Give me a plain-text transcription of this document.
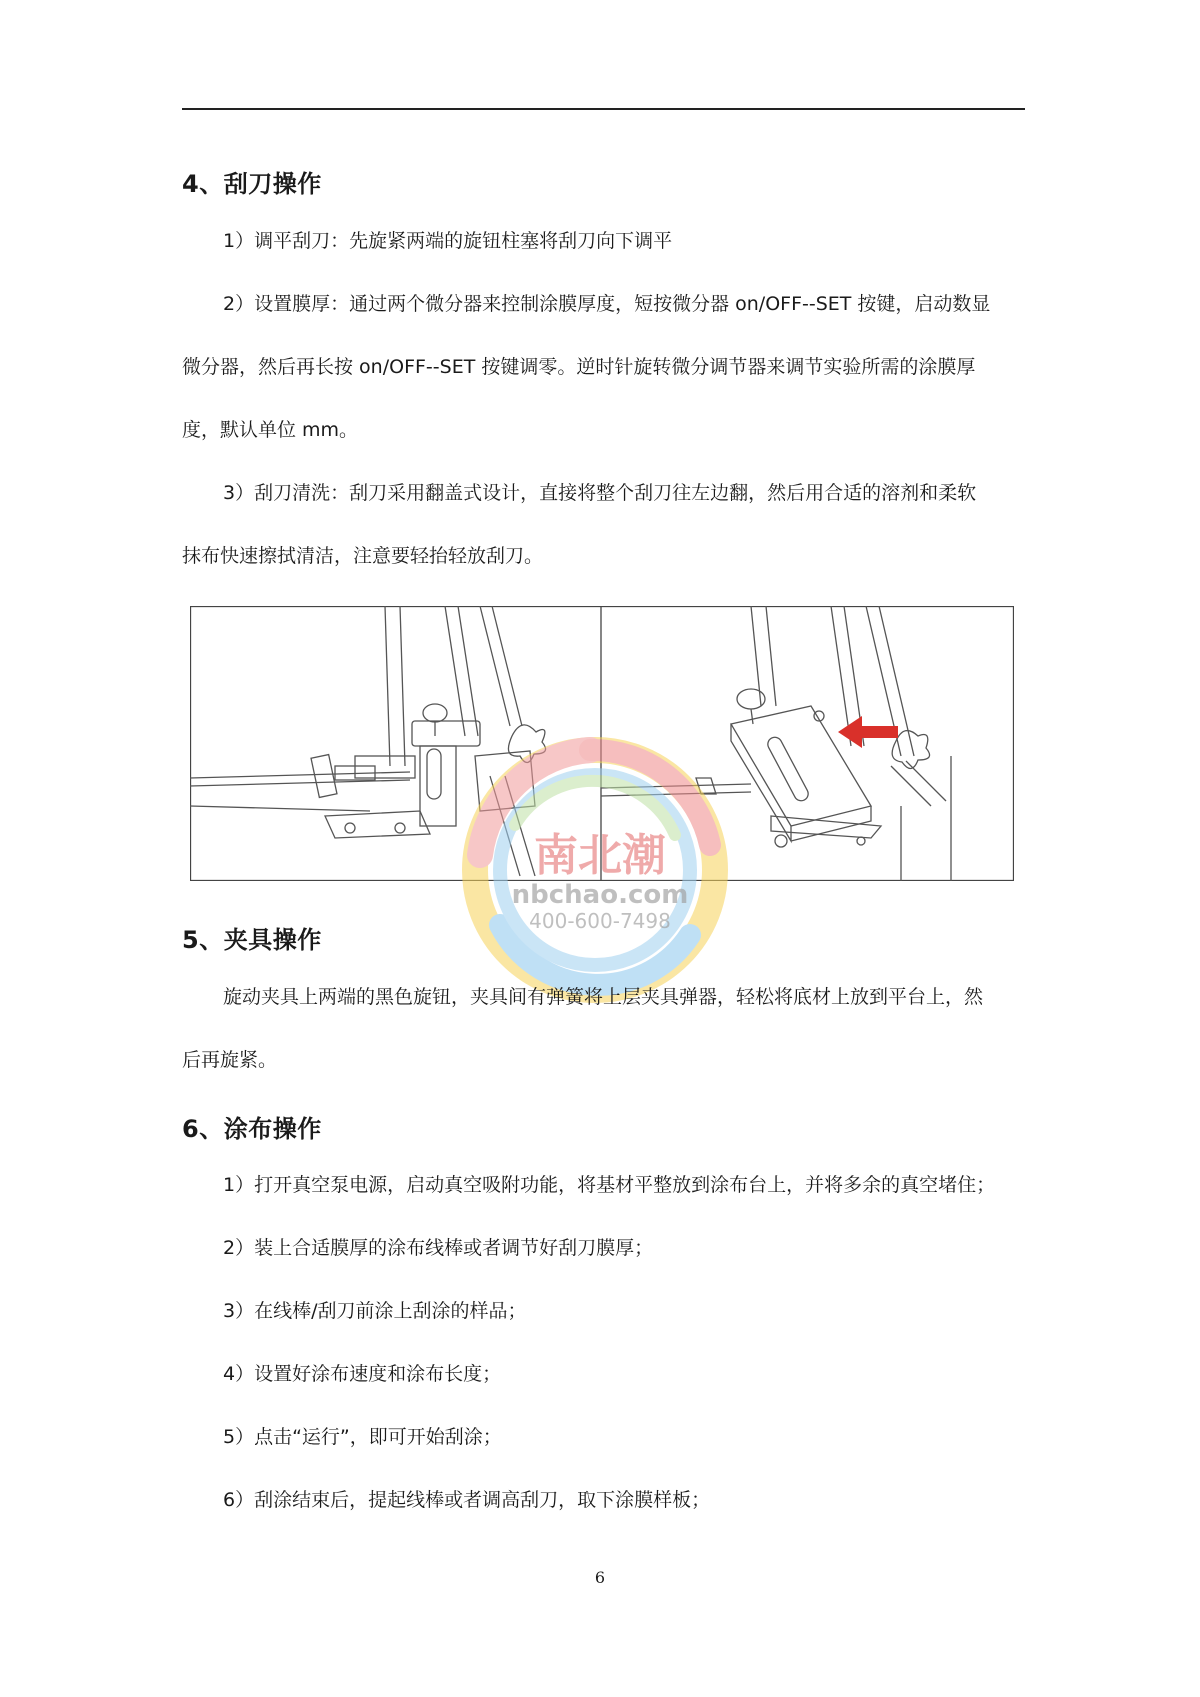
4、刮刀操作

1）调平刮刀：先旋紧两端的旋钮柱塞将刮刀向下调平

2）设置膜厚：通过两个微分器来控制涂膜厚度，短按微分器 on/OFF--SET 按键，启动数显

微分器，然后再长按 on/OFF--SET 按键调零。逆时针旋转微分调节器来调节实验所需的涂膜厚

度，默认单位 mm。

3）刮刀清洗：刮刀采用翻盖式设计，直接将整个刮刀往左边翻，然后用合适的溶剂和柔软

抹布快速擦拭清洁，注意要轻抬轻放刮刀。

南北潮
nbchao.com
400-600-7498
5、夹具操作

旋动夹具上两端的黑色旋钮，夹具间有弹簧将上层夹具弹器，轻松将底材上放到平台上，然

后再旋紧。

6、涂布操作

1）打开真空泵电源，启动真空吸附功能，将基材平整放到涂布台上，并将多余的真空堵住；

2）装上合适膜厚的涂布线棒或者调节好刮刀膜厚；

3）在线棒/刮刀前涂上刮涂的样品；

4）设置好涂布速度和涂布长度；

5）点击“运行”，即可开始刮涂；

6）刮涂结束后，提起线棒或者调高刮刀，取下涂膜样板；

6
